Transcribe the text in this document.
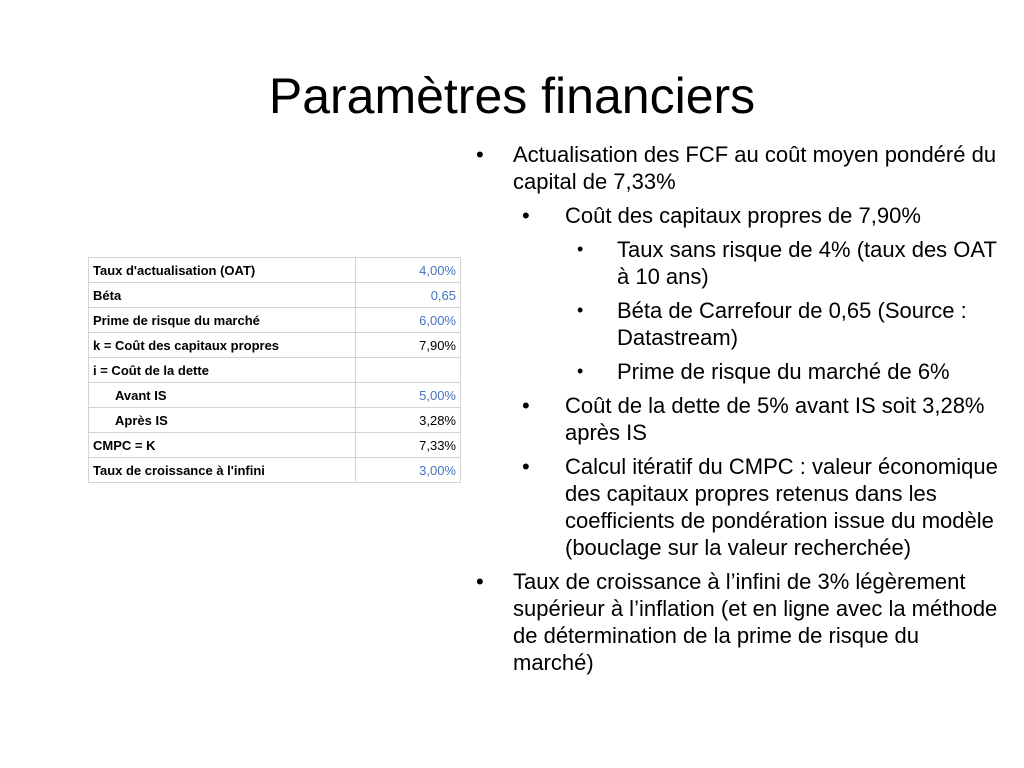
Paramètres financiers
Taux d'actualisation (OAT)	4,00%
Béta	0,65
Prime de risque du marché	6,00%
k = Coût des capitaux propres	7,90%
i = Coût de la dette	
Avant IS	5,00%
Après IS	3,28%
CMPC = K	7,33%
Taux de croissance à l'infini	3,00%
• Actualisation des FCF au coût moyen pondéré du capital de 7,33%
• Coût des capitaux propres de 7,90%
• Taux sans risque de 4% (taux des OAT à 10 ans)
• Béta de Carrefour de 0,65 (Source : Datastream)
• Prime de risque du marché de 6%
• Coût de la dette de 5% avant IS soit 3,28% après IS
• Calcul itératif du CMPC : valeur économique des capitaux propres retenus dans les coefficients de pondération issue du modèle (bouclage sur la valeur recherchée)
• Taux de croissance à l’infini de 3% légèrement supérieur à l’inflation (et en ligne avec la méthode de détermination de la prime de risque du marché)
